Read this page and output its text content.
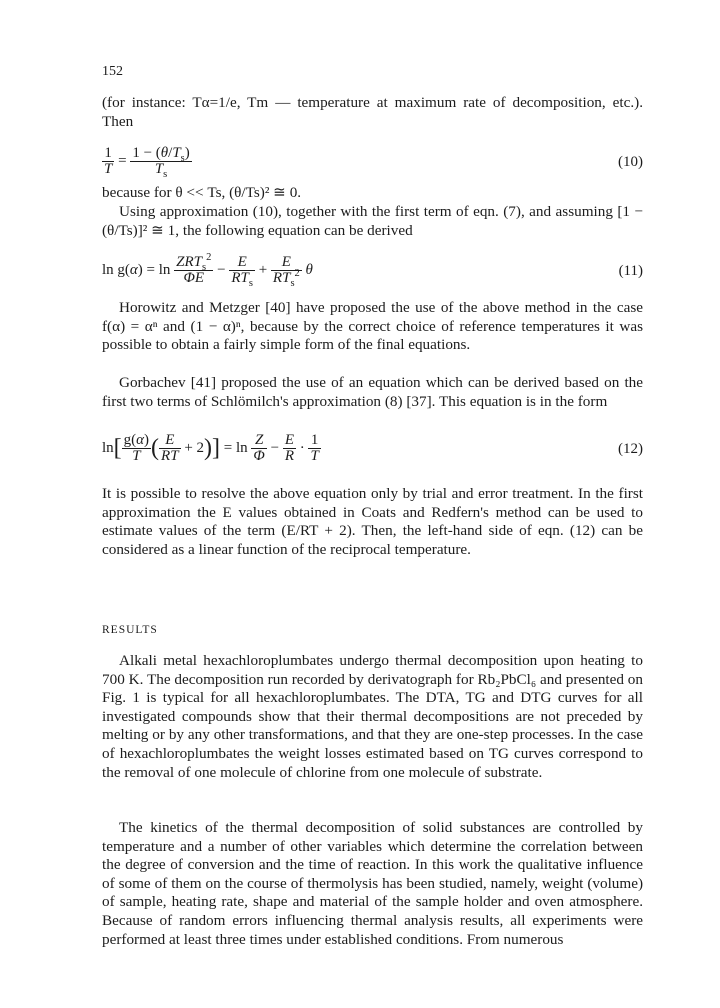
152
(for instance: Tα=1/e, Tm — temperature at maximum rate of decomposition, etc.). Then
$\frac{1}{T} = \frac{1 - (\theta/T_s)}{T_s}$	(10)
because for θ << Ts, (θ/Ts)² ≅ 0.
Using approximation (10), together with the first term of eqn. (7), and assuming [1 − (θ/Ts)]² ≅ 1, the following equation can be derived
$\ln g(\alpha) = \ln \frac{ZRT_s^2}{\Phi E} - \frac{E}{RT_s} + \frac{E}{RT_s^2}$ θ	(11)
Horowitz and Metzger [40] have proposed the use of the above method in the case f(α) = αⁿ and (1 − α)ⁿ, because by the correct choice of reference temperatures it was possible to obtain a fairly simple form of the final equations.
Gorbachev [41] proposed the use of an equation which can be derived based on the first two terms of Schlömilch's approximation (8) [37]. This equation is in the form
$\ln[ \frac{g(\alpha)}{T}$ ( $\frac{E}{RT} + 2)] = \ln \frac{Z}{\Phi} - \frac{E}{R} \cdot \frac{1}{T}$	(12)
It is possible to resolve the above equation only by trial and error treatment. In the first approximation the E values obtained in Coats and Redfern's method can be used to estimate values of the term (E/RT + 2). Then, the left-hand side of eqn. (12) can be considered as a linear function of the reciprocal temperature.
RESULTS
Alkali metal hexachloroplumbates undergo thermal decomposition upon heating to 700 K. The decomposition run recorded by derivatograph for Rb₂PbCl₆ and presented on Fig. 1 is typical for all hexachloroplumbates. The DTA, TG and DTG curves for all investigated compounds show that their thermal decompositions are not preceded by melting or by any other transformations, and that they are one-step processes. In the case of hexachloroplumbates the weight losses estimated based on TG curves correspond to the removal of one molecule of chlorine from one molecule of substrate.
The kinetics of the thermal decomposition of solid substances are controlled by temperature and a number of other variables which determine the correlation between the degree of conversion and the time of reaction. In this work the qualitative influence of some of them on the course of thermolysis has been studied, namely, weight (volume) of sample, heating rate, shape and material of the sample holder and oven atmosphere. Because of random errors influencing thermal analysis results, all experiments were performed at least three times under established conditions. From numerous
